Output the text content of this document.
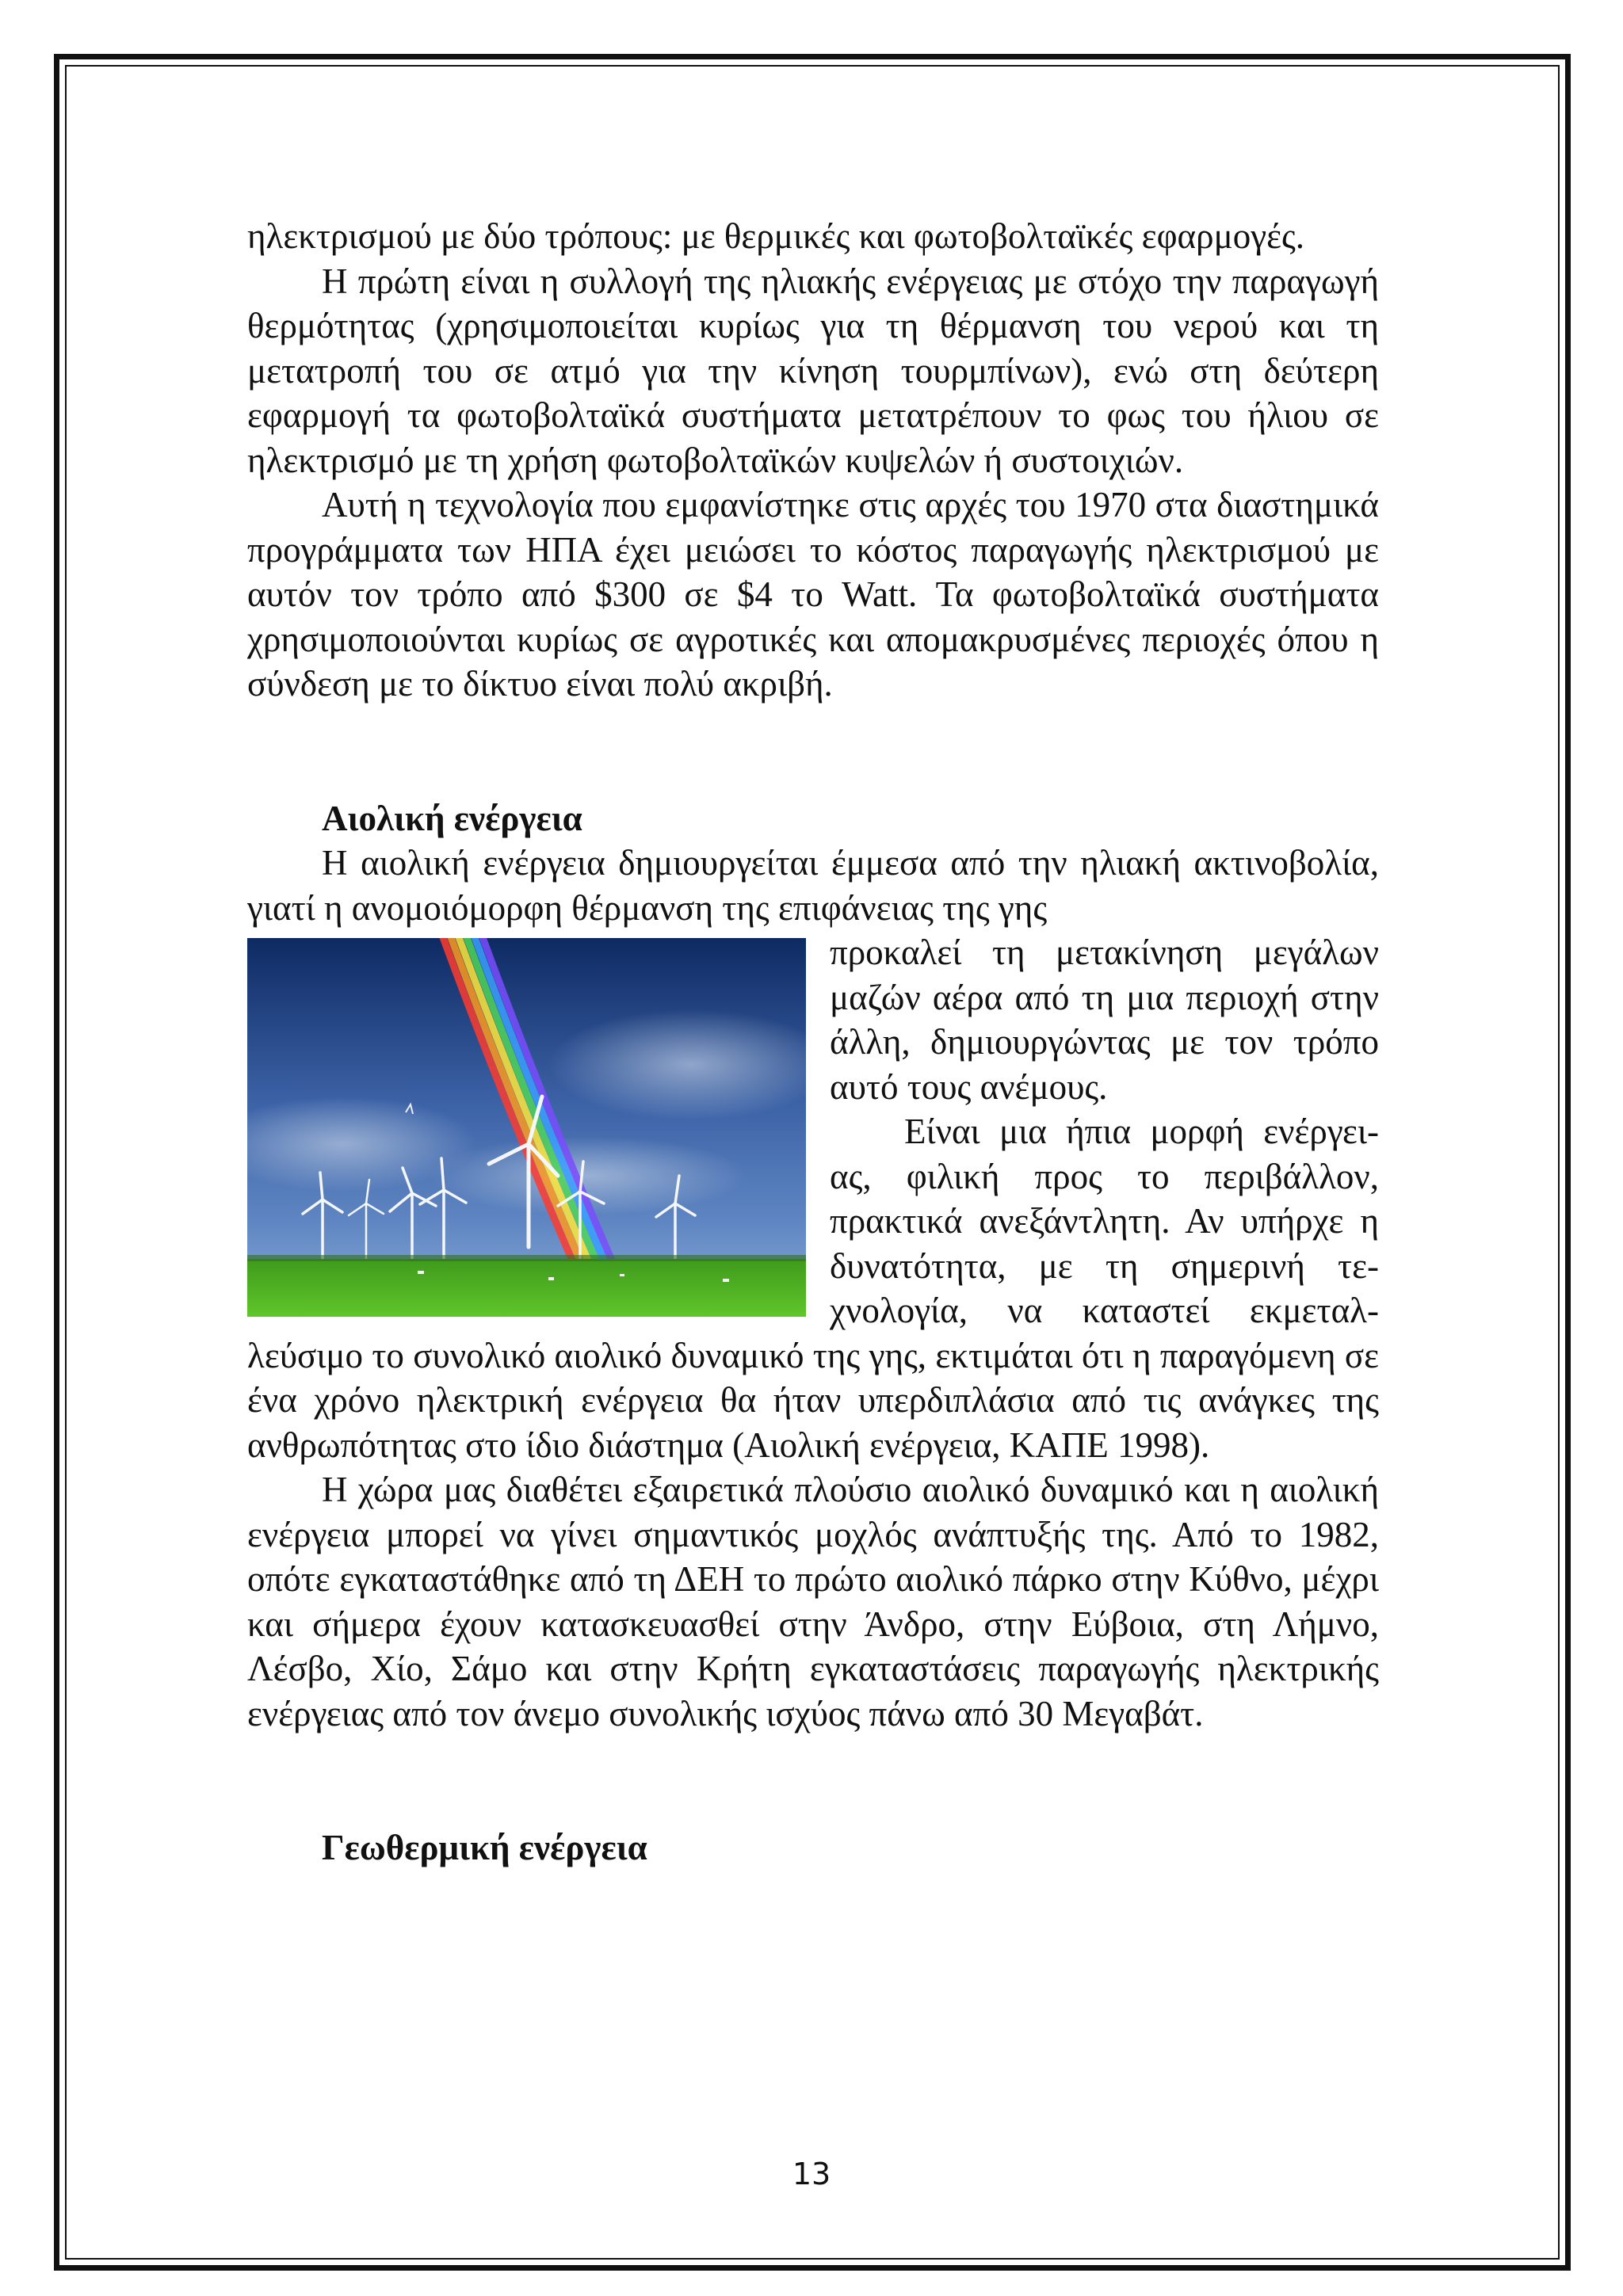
ηλεκτρισμού με δύο τρόπους: με θερμικές και φωτοβολταϊκές εφαρμογές.

Η πρώτη είναι η συλλογή της ηλιακής ενέργειας με στόχο την παραγωγή θερμότητας (χρησιμοποιείται κυρίως για τη θέρμανση του νερού και τη μετατροπή του σε ατμό για την κίνηση τουρμπίνων), ενώ στη δεύτερη εφαρμογή τα φωτοβολταϊκά συστήματα μετατρέπουν το φως του ήλιου σε ηλεκτρισμό με τη χρήση φωτοβολταϊκών κυψελών ή συστοιχιών.

Αυτή η τεχνολογία που εμφανίστηκε στις αρχές του 1970 στα διαστημικά προγράμματα των ΗΠΑ έχει μειώσει το κόστος παραγωγής ηλεκτρισμού με αυτόν τον τρόπο από $300 σε $4 το Watt. Τα φωτοβολταϊκά συστήματα χρησιμοποιούνται κυρίως σε αγροτικές και απομακρυσμένες περιοχές όπου η σύνδεση με το δίκτυο είναι πολύ ακριβή.

Αιολική ενέργεια

Η αιολική ενέργεια δημιουργείται έμμεσα από την ηλιακή ακτινοβολία, γιατί η ανομοιόμορφη θέρμανση της επιφάνειας της γης

προκαλεί τη μετακίνηση μεγάλων μαζών αέρα από τη μια περιοχή στην άλλη, δημιουργώντας με τον τρόπο αυτό τους ανέμους.

Είναι μια ήπια μορφή ενέργει-ας, φιλική προς το περιβάλλον, πρακτικά ανεξάντλητη. Αν υπήρχε η δυνατότητα, με τη σημερινή τε-χνολογία, να καταστεί εκμεταλ-λεύσιμο το συνολικό αιολικό δυναμικό της γης, εκτιμάται ότι η παραγόμενη σε ένα χρόνο ηλεκτρική ενέργεια θα ήταν υπερδιπλάσια από τις ανάγκες της ανθρωπότητας στο ίδιο διάστημα (Αιολική ενέργεια, ΚΑΠΕ 1998).

Η χώρα μας διαθέτει εξαιρετικά πλούσιο αιολικό δυναμικό και η αιολική ενέργεια μπορεί να γίνει σημαντικός μοχλός ανάπτυξής της. Από το 1982, οπότε εγκαταστάθηκε από τη ΔΕΗ το πρώτο αιολικό πάρκο στην Κύθνο, μέχρι και σήμερα έχουν κατασκευασθεί στην Άνδρο, στην Εύβοια, στη Λήμνο, Λέσβο, Χίο, Σάμο και στην Κρήτη εγκαταστάσεις παραγωγής ηλεκτρικής ενέργειας από τον άνεμο συνολικής ισχύος πάνω από 30 Μεγαβάτ.

Γεωθερμική ενέργεια

13
